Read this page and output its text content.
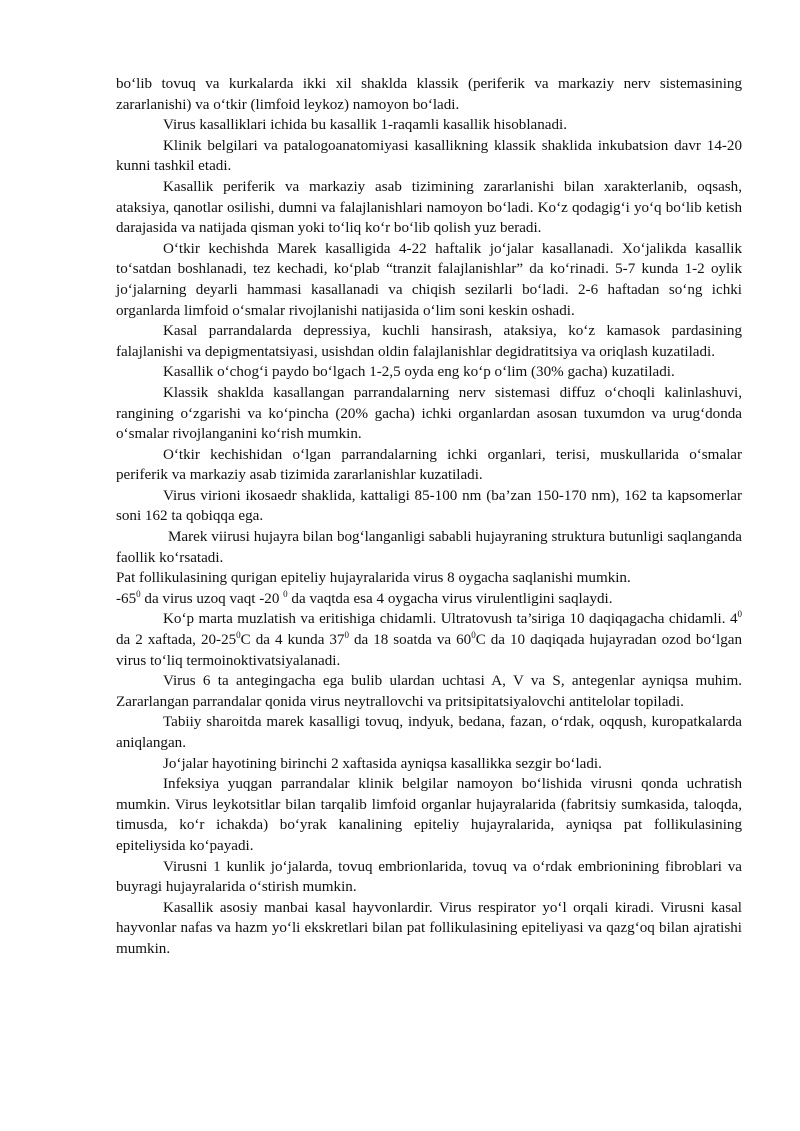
bo‘lib tovuq va kurkalarda ikki xil shaklda klassik (periferik va markaziy nerv sistemasining zararlanishi) va o‘tkir (limfoid leykoz) namoyon bo‘ladi.

Virus kasalliklari ichida bu kasallik 1-raqamli kasallik hisoblanadi.

Klinik belgilari va patalogoanatomiyasi kasallikning klassik shaklida inkubatsion davr 14-20 kunni tashkil etadi.

Kasallik periferik va markaziy asab tizimining zararlanishi bilan xarakterlanib, oqsash, ataksiya, qanotlar osilishi, dumni va falajlanishlari namoyon bo‘ladi. Ko‘z qodagig‘i yo‘q bo‘lib ketish darajasida va natijada qisman yoki to‘liq ko‘r bo‘lib qolish yuz beradi.

O‘tkir kechishda Marek kasalligida 4-22 haftalik jo‘jalar kasallanadi. Xo‘jalikda kasallik to‘satdan boshlanadi, tez kechadi, ko‘plab “tranzit falajlanishlar” da ko‘rinadi. 5-7 kunda 1-2 oylik jo‘jalarning deyarli hammasi kasallanadi va chiqish sezilarli bo‘ladi. 2-6 haftadan so‘ng ichki organlarda limfoid o‘smalar rivojlanishi natijasida o‘lim soni keskin oshadi.

Kasal parrandalarda depressiya, kuchli hansirash, ataksiya, ko‘z kamasok pardasining falajlanishi va depigmentatsiyasi, usishdan oldin falajlanishlar degidratitsiya va oriqlash kuzatiladi.

Kasallik o‘chog‘i paydo bo‘lgach 1-2,5 oyda eng ko‘p o‘lim (30% gacha) kuzatiladi.

Klassik shaklda kasallangan parrandalarning nerv sistemasi diffuz o‘choqli kalinlashuvi, rangining o‘zgarishi va ko‘pincha (20% gacha) ichki organlardan asosan tuxumdon va urug‘donda o‘smalar rivojlanganini ko‘rish mumkin.

O‘tkir kechishidan o‘lgan parrandalarning ichki organlari, terisi, muskullarida o‘smalar periferik va markaziy asab tizimida zararlanishlar kuzatiladi.

Virus virioni ikosaedr shaklida, kattaligi 85-100 nm (ba’zan 150-170 nm), 162 ta kapsomerlar soni 162 ta qobiqqa ega.

Marek viirusi hujayra bilan bog‘langanligi sababli hujayraning struktura butunligi saqlanganda faollik ko‘rsatadi.

Pat follikulasining qurigan epiteliy hujayralarida virus 8 oygacha saqlanishi mumkin.

$-65^0$ da virus uzoq vaqt -20 $^0$ da vaqtda esa 4 oygacha virus virulentligini saqlaydi.

Ko‘p marta muzlatish va eritishiga chidamli. Ultratovush ta’siriga 10 daqiqagacha chidamli. $4^0$ da 2 xaftada, $20-25^0C$ da 4 kunda $37^0$ da 18 soatda va $60^0C$ da 10 daqiqada hujayradan ozod bo‘lgan virus to‘liq termoinoktivatsiyalanadi.

Virus 6 ta antegingacha ega bulib ulardan uchtasi A, V va S, antegenlar ayniqsa muhim. Zararlangan parrandalar qonida virus neytrallovchi va pritsipitatsiyalovchi antitelolar topiladi.

Tabiiy sharoitda marek kasalligi tovuq, indyuk, bedana, fazan, o‘rdak, oqqush, kuropatkalarda aniqlangan.

Jo‘jalar hayotining birinchi 2 xaftasida ayniqsa kasallikka sezgir bo‘ladi.

Infeksiya yuqgan parrandalar klinik belgilar namoyon bo‘lishida virusni qonda uchratish mumkin. Virus leykotsitlar bilan tarqalib limfoid organlar hujayralarida (fabritsiy sumkasida, taloqda, timusda, ko‘r ichakda) bo‘yrak kanalining epiteliy hujayralarida, ayniqsa pat follikulasining epiteliysida ko‘payadi.

Virusni 1 kunlik jo‘jalarda, tovuq embrionlarida, tovuq va o‘rdak embrionining fibroblari va buyragi hujayralarida o‘stirish mumkin.

Kasallik asosiy manbai kasal hayvonlardir. Virus respirator yo‘l orqali kiradi. Virusni kasal hayvonlar nafas va hazm yo‘li ekskretlari bilan pat follikulasining epiteliyasi va qazg‘oq bilan ajratishi mumkin.
